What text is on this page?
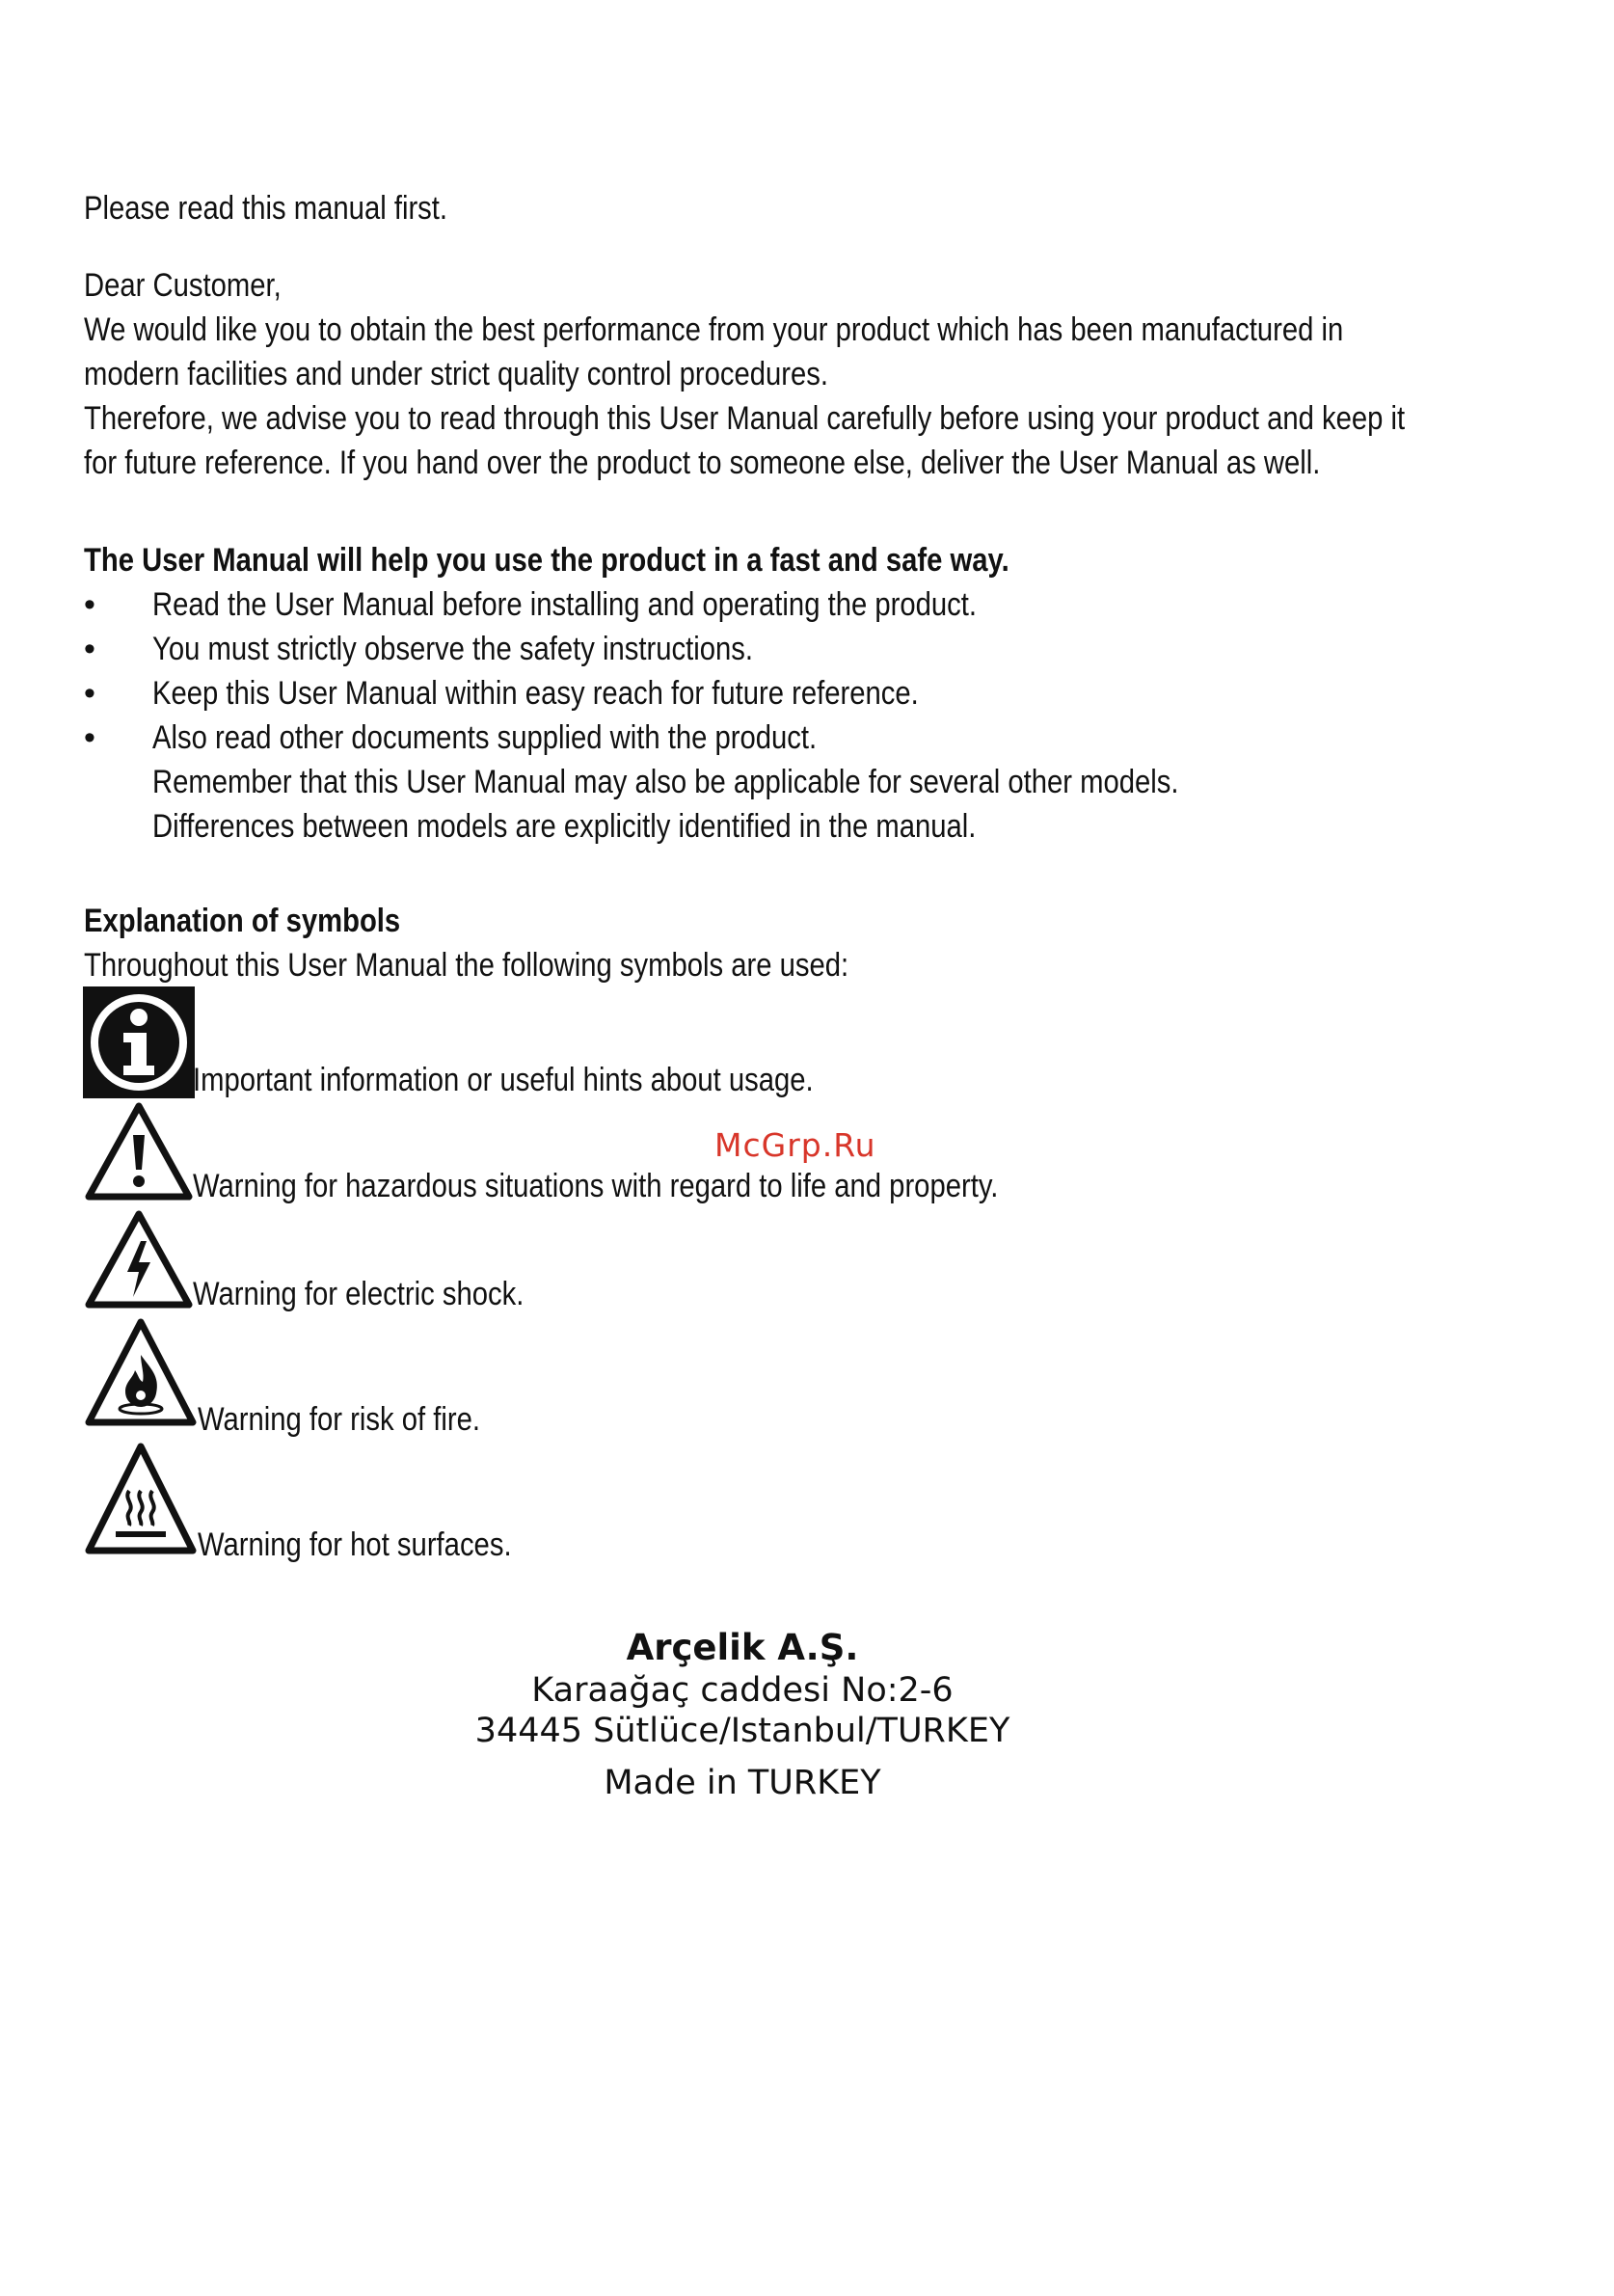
Please read this manual first.
Dear Customer,
We would like you to obtain the best performance from your product which has been manufactured in
modern facilities and under strict quality control procedures.
Therefore, we advise you to read through this User Manual carefully before using your product and keep it
for future reference. If you hand over the product to someone else, deliver the User Manual as well.
The User Manual will help you use the product in a fast and safe way.
• Read the User Manual before installing and operating the product.
• You must strictly observe the safety instructions.
• Keep this User Manual within easy reach for future reference.
• Also read other documents supplied with the product.
Remember that this User Manual may also be applicable for several other models.
Differences between models are explicitly identified in the manual.
Explanation of symbols
Throughout this User Manual the following symbols are used:
Important information or useful hints about usage.
Warning for hazardous situations with regard to life and property.
Warning for electric shock.
Warning for risk of fire.
Warning for hot surfaces.
McGrp.Ru
Arçelik A.Ş.
Karaağaç caddesi No:2-6
34445 Sütlüce/Istanbul/TURKEY
Made in TURKEY
